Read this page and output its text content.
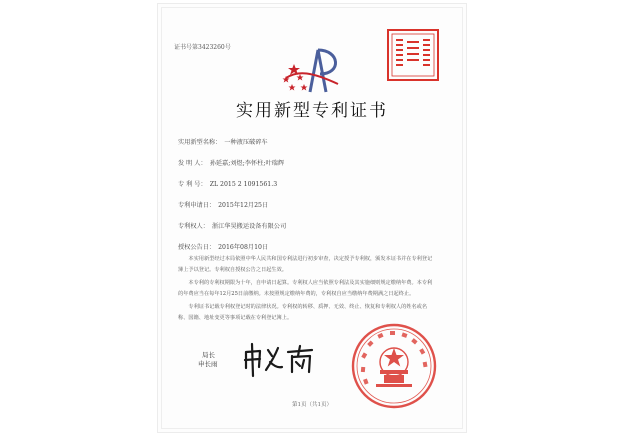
证书号第3423260号
实用新型专利证书
实用新型名称： 一种液压破碎车
发 明 人： 孙延嘉;刘煜;李怀柱;叶瑞辉
专 利 号： ZL 2015 2 1091561.3
专利申请日： 2015年12月25日
专利权人： 浙江华昊搬运设备有限公司
授权公告日： 2016年08月10日

本实用新型经过本局依照中华人民共和国专利法进行初步审查，决定授予专利权，颁发本证书并在专利登记簿上予以登记。专利权自授权公告之日起生效。

本专利的专利权期限为十年，自申请日起算。专利权人应当依照专利法及其实施细则规定缴纳年费。本专利的年费应当在每年12月25日前缴纳。未按照规定缴纳年费的，专利权自应当缴纳年费期满之日起终止。

专利证书记载专利权登记时的法律状况。专利权的转移、质押、无效、终止、恢复和专利权人的姓名或名称、国籍、地址变更等事项记载在专利登记簿上。

局长
申长雨
第1页（共1页）
